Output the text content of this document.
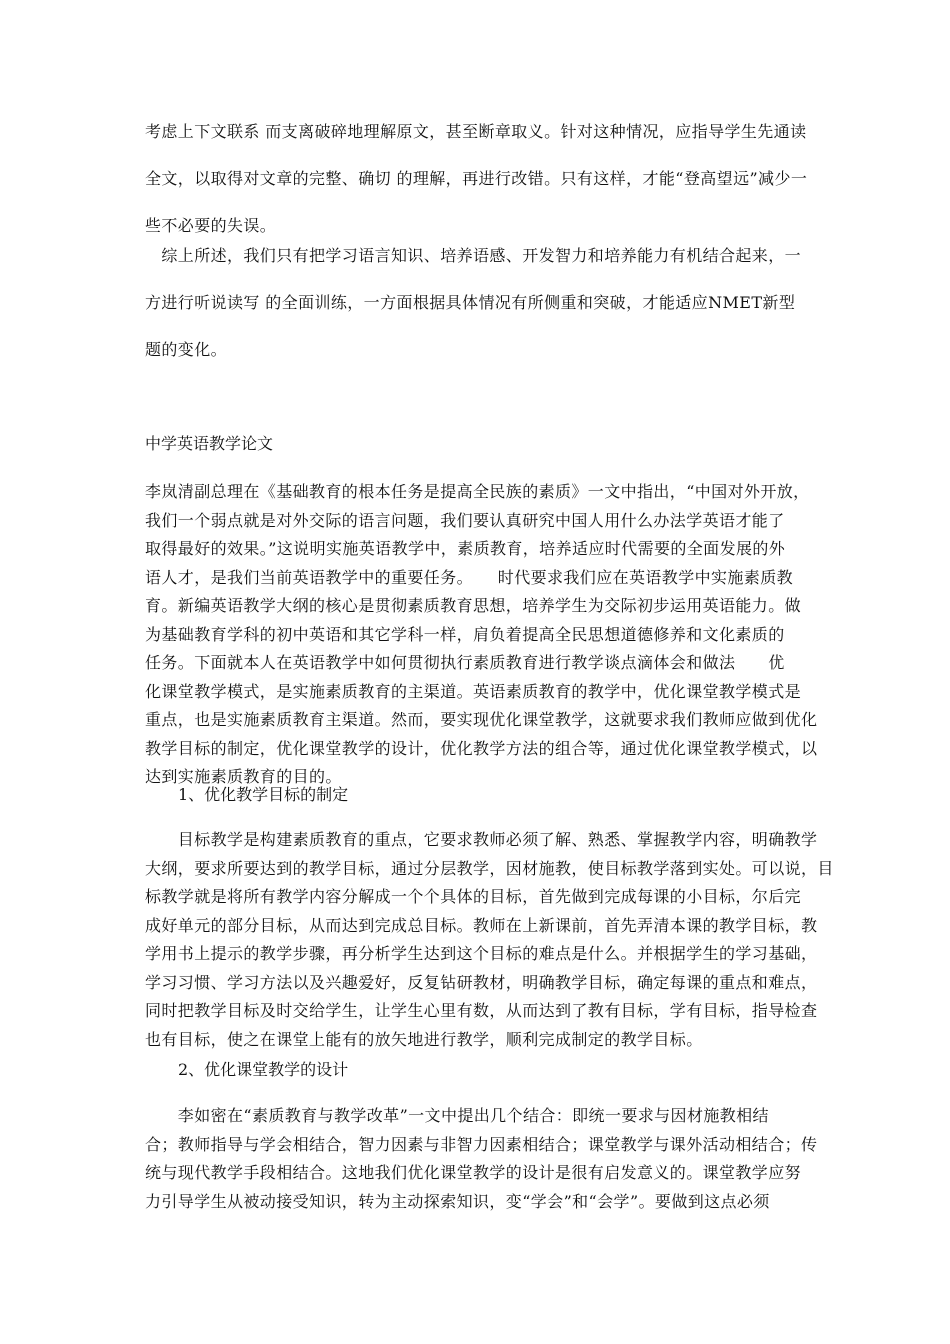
考虑上下文联系 而支离破碎地理解原文，甚至断章取义。针对这种情况，应指导学生先通读
全文，以取得对文章的完整、确切 的理解，再进行改错。只有这样，才能“登高望远”减少一
些不必要的失误。
　综上所述，我们只有把学习语言知识、培养语感、开发智力和培养能力有机结合起来，一
方进行听说读写 的全面训练，一方面根据具体情况有所侧重和突破，才能适应NMET新型
题的变化。
中学英语教学论文
李岚清副总理在《基础教育的根本任务是提高全民族的素质》一文中指出，“中国对外开放，
我们一个弱点就是对外交际的语言问题，我们要认真研究中国人用什么办法学英语才能了
取得最好的效果。”这说明实施英语教学中，素质教育，培养适应时代需要的全面发展的外
语人才，是我们当前英语教学中的重要任务。　　时代要求我们应在英语教学中实施素质教
育。新编英语教学大纲的核心是贯彻素质教育思想，培养学生为交际初步运用英语能力。做
为基础教育学科的初中英语和其它学科一样，肩负着提高全民思想道德修养和文化素质的
任务。下面就本人在英语教学中如何贯彻执行素质教育进行教学谈点滴体会和做法　　优
化课堂教学模式，是实施素质教育的主渠道。英语素质教育的教学中，优化课堂教学模式是
重点，也是实施素质教育主渠道。然而，要实现优化课堂教学，这就要求我们教师应做到优化
教学目标的制定，优化课堂教学的设计，优化教学方法的组合等，通过优化课堂教学模式，以
达到实施素质教育的目的。
1、优化教学目标的制定
　　目标教学是构建素质教育的重点，它要求教师必须了解、熟悉、掌握教学内容，明确教学
大纲，要求所要达到的教学目标，通过分层教学，因材施教，使目标教学落到实处。可以说，目
标教学就是将所有教学内容分解成一个个具体的目标，首先做到完成每课的小目标，尔后完
成好单元的部分目标，从而达到完成总目标。教师在上新课前，首先弄清本课的教学目标，教
学用书上提示的教学步骤，再分析学生达到这个目标的难点是什么。并根据学生的学习基础，
学习习惯、学习方法以及兴趣爱好，反复钻研教材，明确教学目标，确定每课的重点和难点，
同时把教学目标及时交给学生，让学生心里有数，从而达到了教有目标，学有目标，指导检查
也有目标，使之在课堂上能有的放矢地进行教学，顺利完成制定的教学目标。
2、优化课堂教学的设计
　　李如密在“素质教育与教学改革”一文中提出几个结合：即统一要求与因材施教相结
合；教师指导与学会相结合，智力因素与非智力因素相结合；课堂教学与课外活动相结合；传
统与现代教学手段相结合。这地我们优化课堂教学的设计是很有启发意义的。课堂教学应努
力引导学生从被动接受知识，转为主动探索知识，变“学会”和“会学”。要做到这点必须
